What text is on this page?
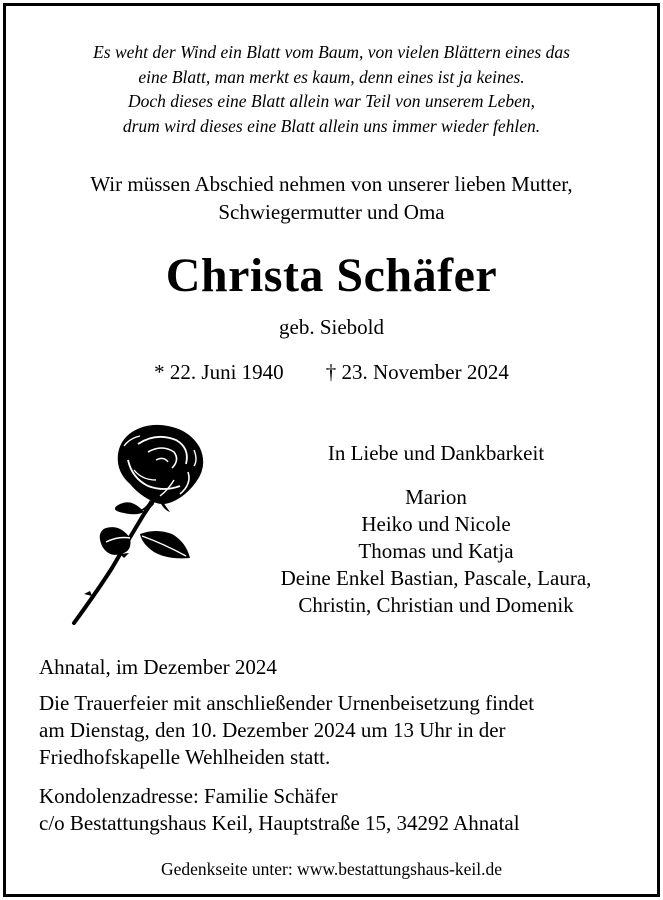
Es weht der Wind ein Blatt vom Baum, von vielen Blättern eines das
eine Blatt, man merkt es kaum, denn eines ist ja keines.
Doch dieses eine Blatt allein war Teil von unserem Leben,
drum wird dieses eine Blatt allein uns immer wieder fehlen.
Wir müssen Abschied nehmen von unserer lieben Mutter,
Schwiegermutter und Oma
Christa Schäfer
geb. Siebold
* 22. Juni 1940 † 23. November 2024
In Liebe und Dankbarkeit
Marion
Heiko und Nicole
Thomas und Katja
Deine Enkel Bastian, Pascale, Laura,
Christin, Christian und Domenik
Ahnatal, im Dezember 2024
Die Trauerfeier mit anschließender Urnenbeisetzung findet
am Dienstag, den 10. Dezember 2024 um 13 Uhr in der
Friedhofskapelle Wehlheiden statt.
Kondolenzadresse: Familie Schäfer
c/o Bestattungshaus Keil, Hauptstraße 15, 34292 Ahnatal
Gedenkseite unter: www.bestattungshaus-keil.de
